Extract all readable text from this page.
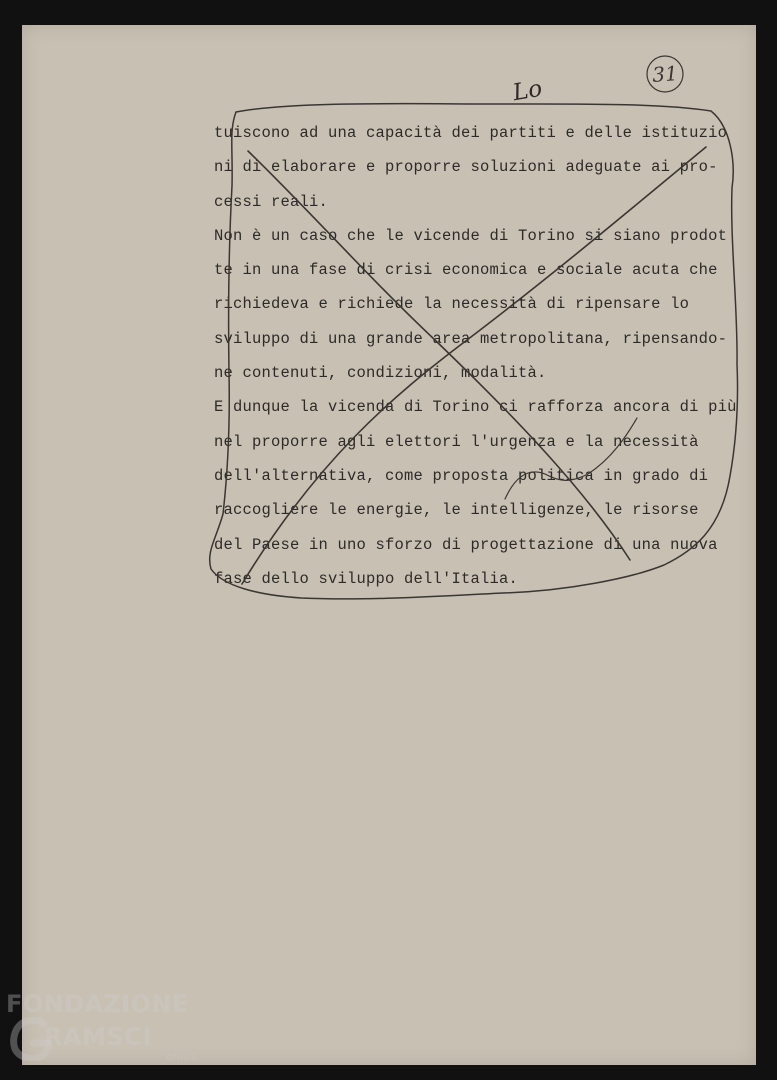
Lo
31
tuiscono ad una capacità dei partiti e delle istituzio
ni di elaborare e proporre soluzioni adeguate ai pro-
cessi reali.
Non è un caso che le vicende di Torino si siano prodot
te in una fase di crisi economica e sociale acuta che
richiedeva e richiede la necessità di ripensare lo
sviluppo di una grande area metropolitana, ripensando-
ne contenuti, condizioni, modalità.
E dunque la vicenda di Torino ci rafforza ancora di più
nel proporre agli elettori l'urgenza e la necessità
dell'alternativa, come proposta politica in grado di
raccogliere le energie, le intelligenze, le risorse
del Paese in uno sforzo di progettazione di una nuova
fase dello sviluppo dell'Italia.
FONDAZIONE
RAMSCI
onlus
